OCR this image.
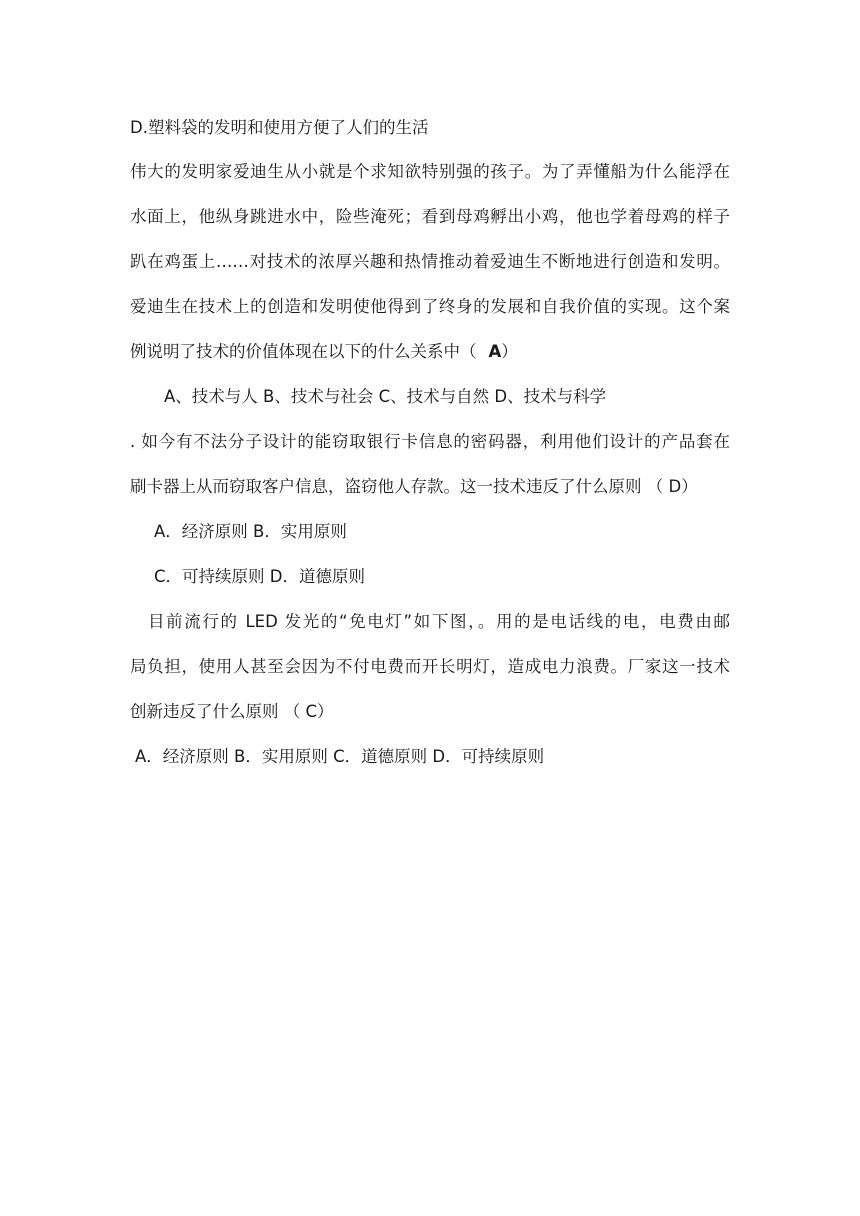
D.塑料袋的发明和使用方便了人们的生活
伟大的发明家爱迪生从小就是个求知欲特别强的孩子。为了弄懂船为什么能浮在
水面上，他纵身跳进水中，险些淹死；看到母鸡孵出小鸡，他也学着母鸡的样子
趴在鸡蛋上……对技术的浓厚兴趣和热情推动着爱迪生不断地进行创造和发明。
爱迪生在技术上的创造和发明使他得到了终身的发展和自我价值的实现。这个案
例说明了技术的价值体现在以下的什么关系中（ A）
A、技术与人 B、技术与社会 C、技术与自然 D、技术与科学
. 如今有不法分子设计的能窃取银行卡信息的密码器，利用他们设计的产品套在
刷卡器上从而窃取客户信息，盗窃他人存款。这一技术违反了什么原则 （ D）
A．经济原则 B．实用原则
C．可持续原则 D．道德原则
目前流行的 LED 发光的“免电灯”如下图，。用的是电话线的电，电费由邮
局负担，使用人甚至会因为不付电费而开长明灯，造成电力浪费。厂家这一技术
创新违反了什么原则 （ C）
A．经济原则 B．实用原则 C．道德原则 D．可持续原则
